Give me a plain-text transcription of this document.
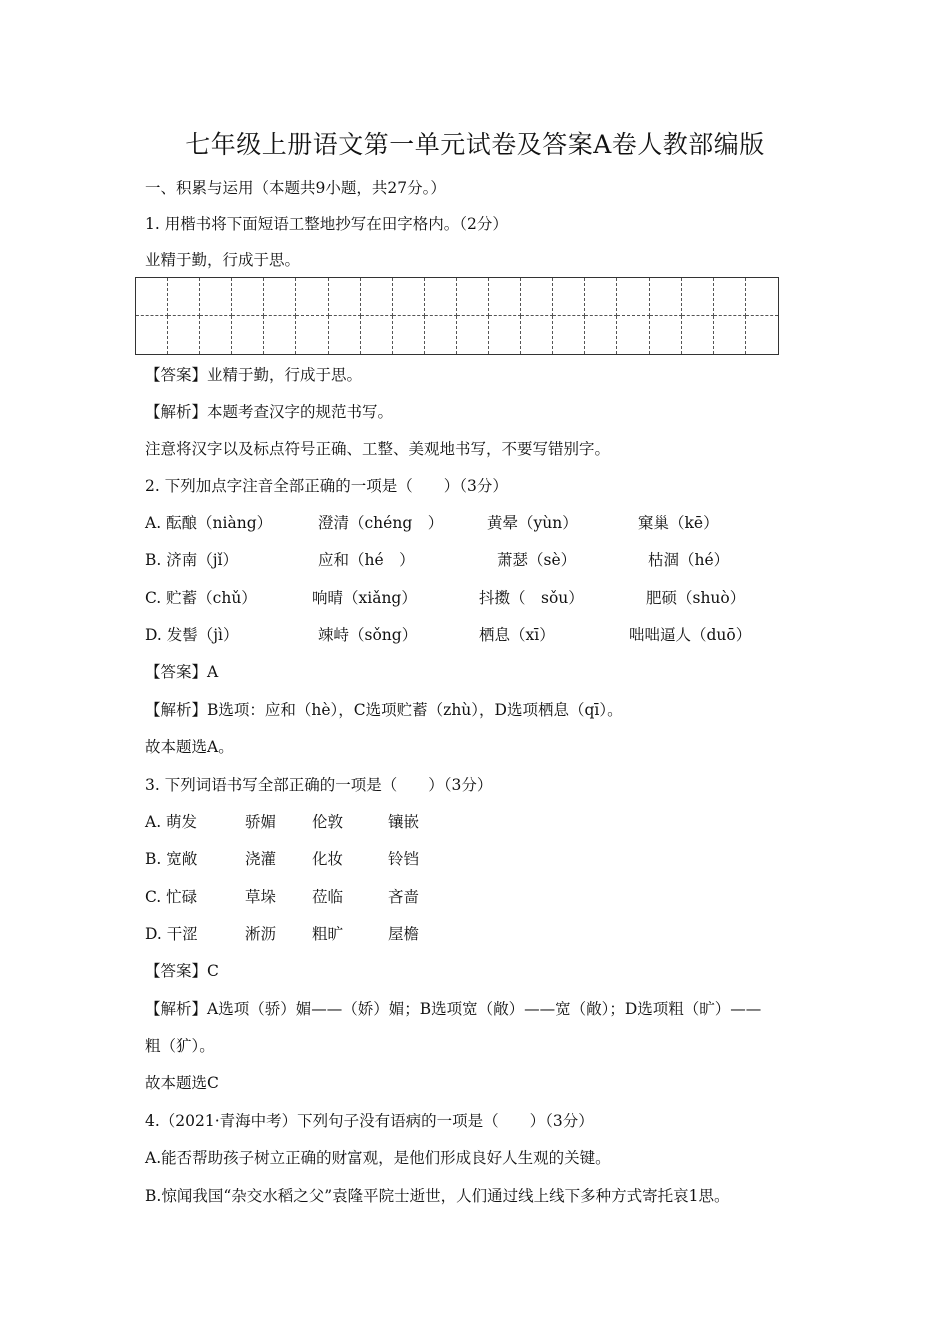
七年级上册语文第一单元试卷及答案A卷人教部编版
一、积累与运用（本题共9小题，共27分。）
1. 用楷书将下面短语工整地抄写在田字格内。（2分）
业精于勤，行成于思。
【答案】业精于勤，行成于思。
【解析】本题考查汉字的规范书写。
注意将汉字以及标点符号正确、工整、美观地书写，不要写错别字。
2. 下列加点字注音全部正确的一项是（　　）（3分）
A. 酝酿（niàng）	澄清（chéng　）	黄晕（yùn）	窠巢（kē）
B. 济南（jǐ）	应和（hé　）	萧瑟（sè）	枯涸（hé）
C. 贮蓄（chǔ）	响晴（xiǎng）	抖擞（　sǒu）	肥硕（shuò）
D. 发髻（jì）	竦峙（sǒng）	栖息（xī）	咄咄逼人（duō）
【答案】A
【解析】B选项：应和（hè），C选项贮蓄（zhù），D选项栖息（qī）。
故本题选A。
3. 下列词语书写全部正确的一项是（　　）（3分）
A. 萌发	骄媚 伦敦	镶嵌
B. 宽敞	浇灌 化妆	铃铛
C. 忙碌	草垛 莅临	吝啬
D. 干涩	淅沥 粗旷	屋檐
【答案】C
【解析】A选项（骄）媚——（娇）媚；B选项宽（敞）——宽（敞）；D选项粗（旷）——
粗（犷）。
故本题选C
4.（2021·青海中考）下列句子没有语病的一项是（　　）（3分）
A.能否帮助孩子树立正确的财富观，是他们形成良好人生观的关键。
B.惊闻我国“杂交水稻之父”袁隆平院士逝世，人们通过线上线下多种方式寄托哀1思。
